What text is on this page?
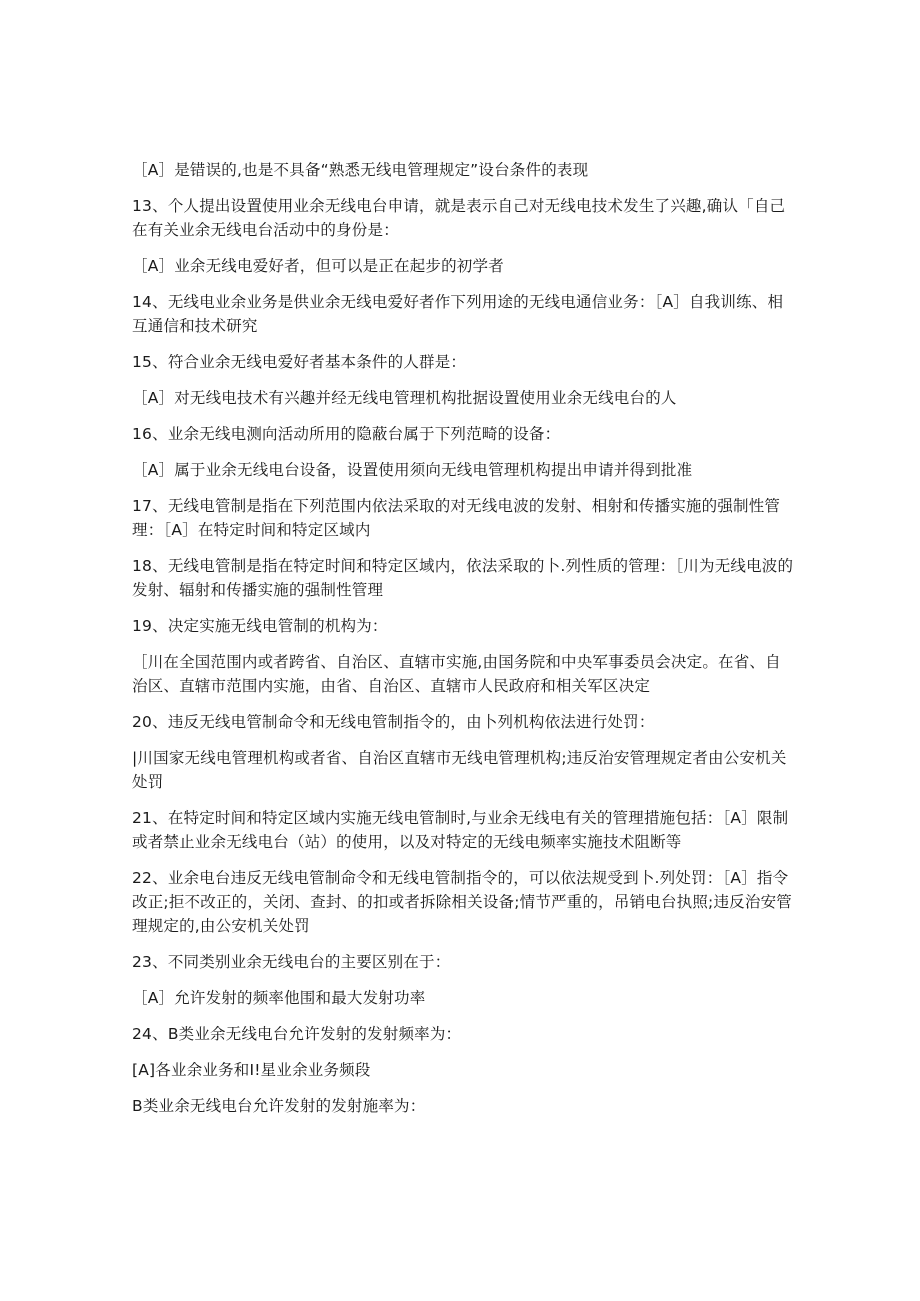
［A］是错误的,也是不具备“熟悉无线电管理规定”设台条件的表现

13、个人提出设置使用业余无线电台申请，就是表示自己对无线电技术发生了兴趣,确认「自己在有关业余无线电台活动中的身份是：

［A］业余无线电爱好者，但可以是正在起步的初学者

14、无线电业余业务是供业余无线电爱好者作下列用途的无线电通信业务：［A］自我训练、相互通信和技术研究

15、符合业余无线电爱好者基本条件的人群是：

［A］对无线电技术有兴趣并经无线电管理机构批据设置使用业余无线电台的人

16、业余无线电测向活动所用的隐蔽台属于下列范畸的设备：

［A］属于业余无线电台设备，设置使用须向无线电管理机构提出申请并得到批准

17、无线电管制是指在下列范围内依法采取的对无线电波的发射、相射和传播实施的强制性管理：［A］在特定时间和特定区域内

18、无线电管制是指在特定时间和特定区域内，依法采取的卜.列性质的管理：［川为无线电波的发射、辐射和传播实施的强制性管理

19、决定实施无线电管制的机构为：

［川在全国范围内或者跨省、自治区、直辖市实施,由国务院和中央军事委员会决定。在省、自治区、直辖市范围内实施，由省、自治区、直辖市人民政府和相关军区决定

20、违反无线电管制命令和无线电管制指令的，由卜列机构依法进行处罚：

|川国家无线电管理机构或者省、自治区直辖市无线电管理机构;违反治安管理规定者由公安机关处罚

21、在特定时间和特定区域内实施无线电管制时,与业余无线电有关的管理措施包括：［A］限制或者禁止业余无线电台（站）的使用，以及对特定的无线电频率实施技术阻断等

22、业余电台违反无线电管制命令和无线电管制指令的，可以依法规受到卜.列处罚：［A］指令改正;拒不改正的，关闭、查封、的扣或者拆除相关设备;情节严重的，吊销电台执照;违反治安管理规定的,由公安机关处罚

23、不同类别业余无线电台的主要区别在于：

［A］允许发射的频率他围和最大发射功率

24、B类业余无线电台允许发射的发射频率为：

[A]各业余业务和I!星业余业务频段

B类业余无线电台允许发射的发射施率为：
